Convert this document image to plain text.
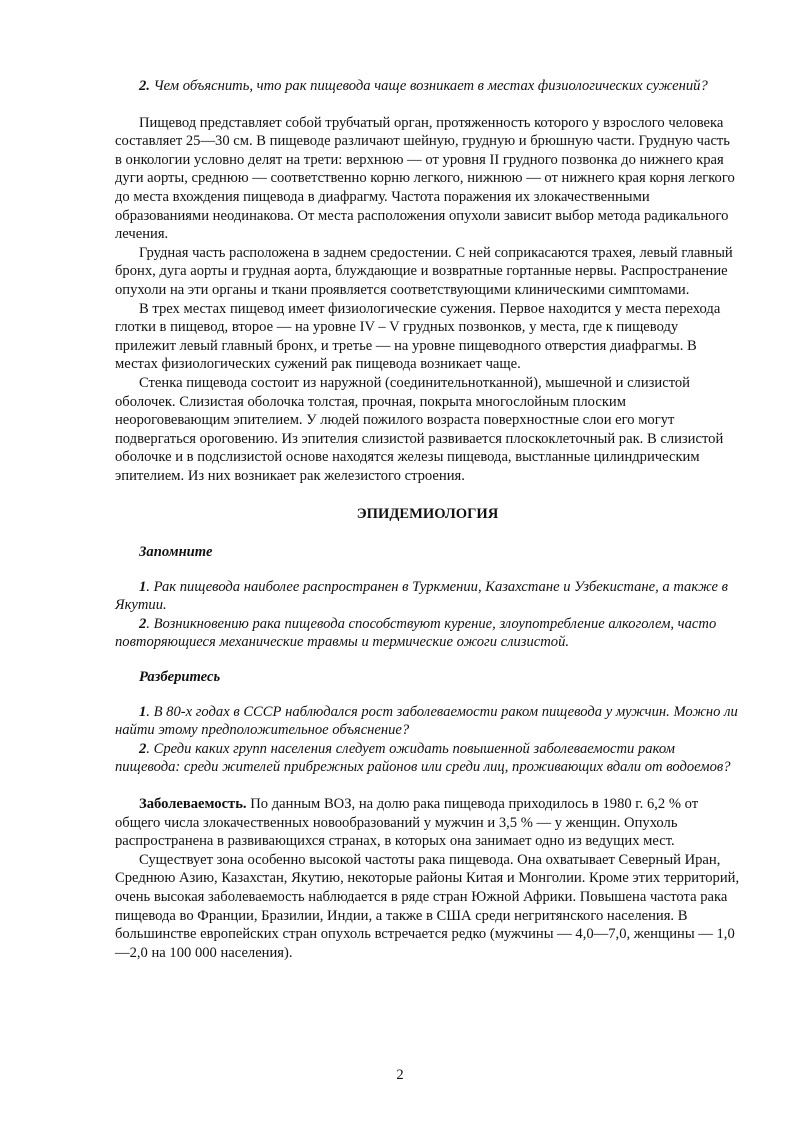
2. Чем объяснить, что рак пищевода чаще возникает в местах физиологических сужений?

Пищевод представляет собой трубчатый орган, протяженность которого у взрослого человека составляет 25—30 см. В пищеводе различают шейную, грудную и брюшную части. Грудную часть в онкологии условно делят на трети: верхнюю — от уровня II грудного позвонка до нижнего края дуги аорты, среднюю — соответственно корню легкого, нижнюю — от нижнего края корня легкого до места вхождения пищевода в диафрагму. Частота поражения их злокачественными образованиями неодинакова. От места расположения опухоли зависит выбор метода радикального лечения.

Грудная часть расположена в заднем средостении. С ней соприкасаются трахея, левый главный бронх, дуга аорты и грудная аорта, блуждающие и возвратные гортанные нервы. Распространение опухоли на эти органы и ткани проявляется соответствующими клиническими симптомами.

В трех местах пищевод имеет физиологические сужения. Первое находится у места перехода глотки в пищевод, второе — на уровне IV – V грудных позвонков, у места, где к пищеводу прилежит левый главный бронх, и третье — на уровне пищеводного отверстия диафрагмы. В местах физиологических сужений рак пищевода возникает чаще.

Стенка пищевода состоит из наружной (соединительнотканной), мышечной и слизистой оболочек. Слизистая оболочка толстая, прочная, покрыта многослойным плоским неороговевающим эпителием. У людей пожилого возраста поверхностные слои его могут подвергаться ороговению. Из эпителия слизистой развивается плоскоклеточный рак. В слизистой оболочке и в подслизистой основе находятся железы пищевода, выстланные цилиндрическим эпителием. Из них возникает рак железистого строения.

ЭПИДЕМИОЛОГИЯ

Запомните

1. Рак пищевода наиболее распространен в Туркмении, Казахстане и Узбекистане, а также в Якутии.

2. Возникновению рака пищевода способствуют курение, злоупотребление алкоголем, часто повторяющиеся механические травмы и термические ожоги слизистой.

Разберитесь

1. В 80-х годах в СССР наблюдался рост заболеваемости раком пищевода у мужчин. Можно ли найти этому предположительное объяснение?

2. Среди каких групп населения следует ожидать повышенной заболеваемости раком пищевода: среди жителей прибрежных районов или среди лиц, проживающих вдали от водоемов?

Заболеваемость. По данным ВОЗ, на долю рака пищевода приходилось в 1980 г. 6,2 % от общего числа злокачественных новообразований у мужчин и 3,5 % — у женщин. Опухоль распространена в развивающихся странах, в которых она занимает одно из ведущих мест.

Существует зона особенно высокой частоты рака пищевода. Она охватывает Северный Иран, Среднюю Азию, Казахстан, Якутию, некоторые районы Китая и Монголии. Кроме этих территорий, очень высокая заболеваемость наблюдается в ряде стран Южной Африки. Повышена частота рака пищевода во Франции, Бразилии, Индии, а также в США среди негритянского населения. В большинстве европейских стран опухоль встречается редко (мужчины — 4,0—7,0, женщины — 1,0—2,0 на 100 000 населения).

2
